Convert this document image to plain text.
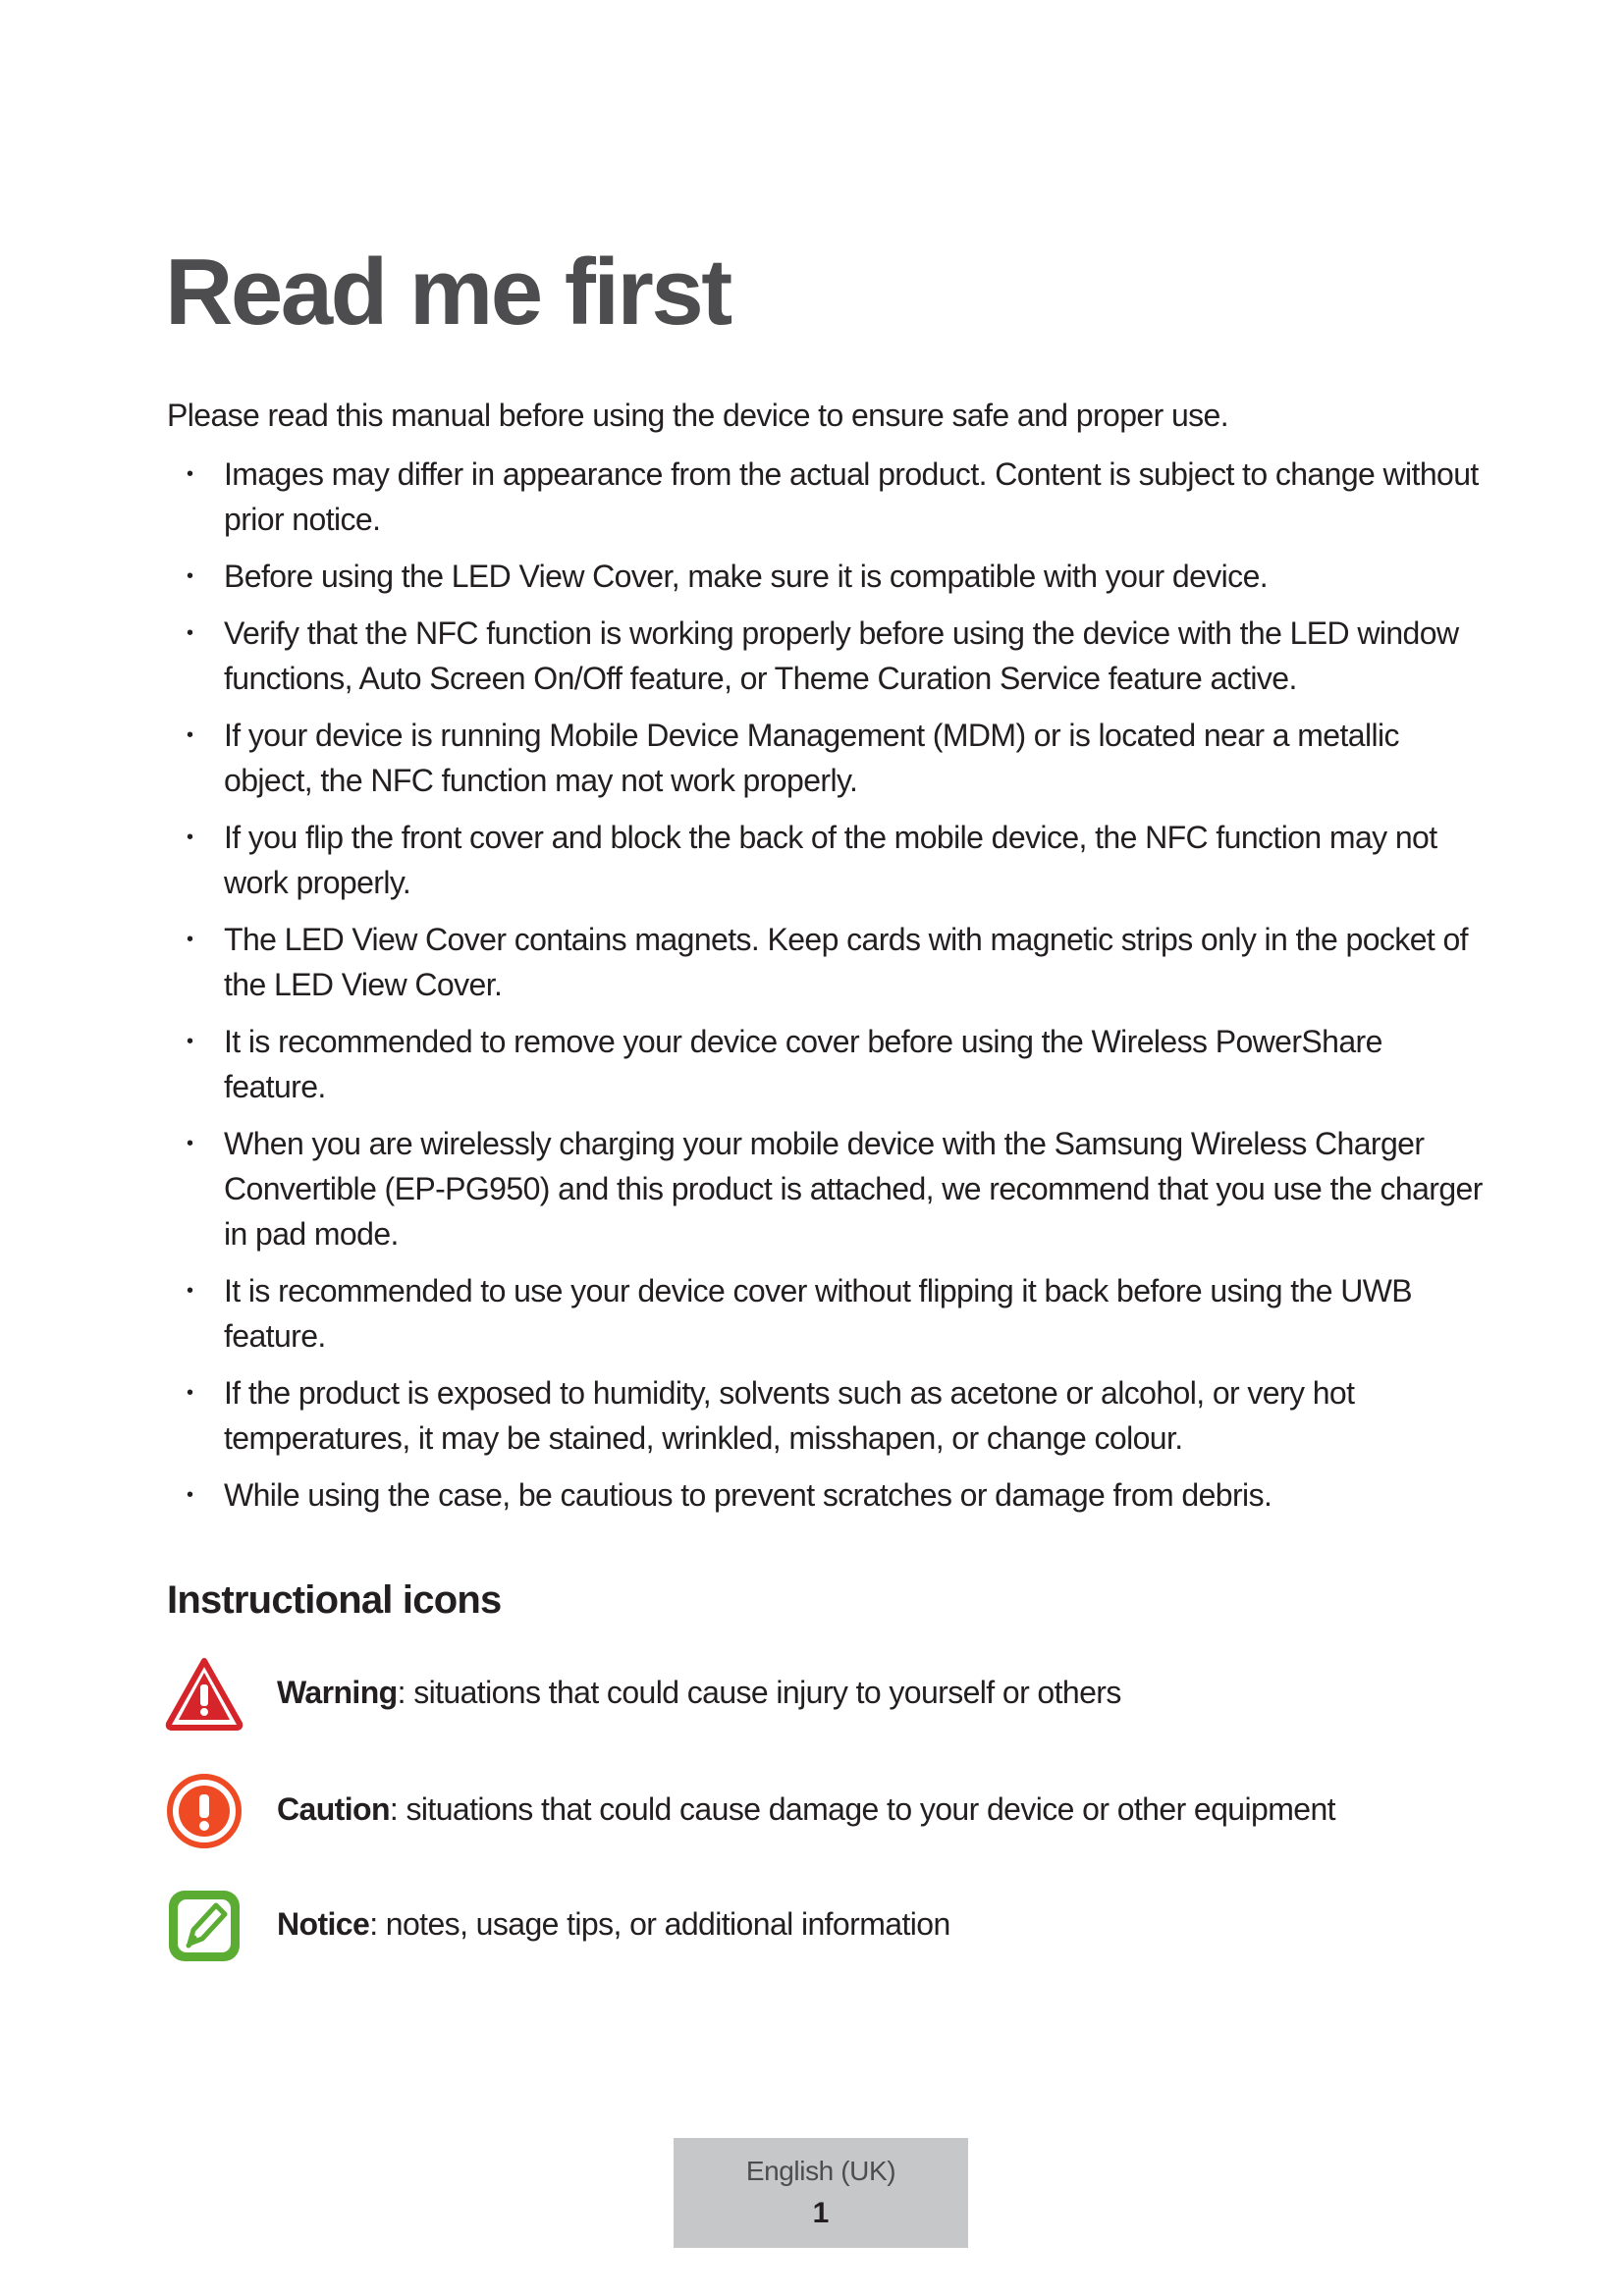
Read me first

Please read this manual before using the device to ensure safe and proper use.

• Images may differ in appearance from the actual product. Content is subject to change without prior notice.
• Before using the LED View Cover, make sure it is compatible with your device.
• Verify that the NFC function is working properly before using the device with the LED window functions, Auto Screen On/Off feature, or Theme Curation Service feature active.
• If your device is running Mobile Device Management (MDM) or is located near a metallic object, the NFC function may not work properly.
• If you flip the front cover and block the back of the mobile device, the NFC function may not work properly.
• The LED View Cover contains magnets. Keep cards with magnetic strips only in the pocket of the LED View Cover.
• It is recommended to remove your device cover before using the Wireless PowerShare feature.
• When you are wirelessly charging your mobile device with the Samsung Wireless Charger Convertible (EP-PG950) and this product is attached, we recommend that you use the charger in pad mode.
• It is recommended to use your device cover without flipping it back before using the UWB feature.
• If the product is exposed to humidity, solvents such as acetone or alcohol, or very hot temperatures, it may be stained, wrinkled, misshapen, or change colour.
• While using the case, be cautious to prevent scratches or damage from debris.
Instructional icons
Warning: situations that could cause injury to yourself or others
Caution: situations that could cause damage to your device or other equipment
Notice: notes, usage tips, or additional information
English (UK)
1
